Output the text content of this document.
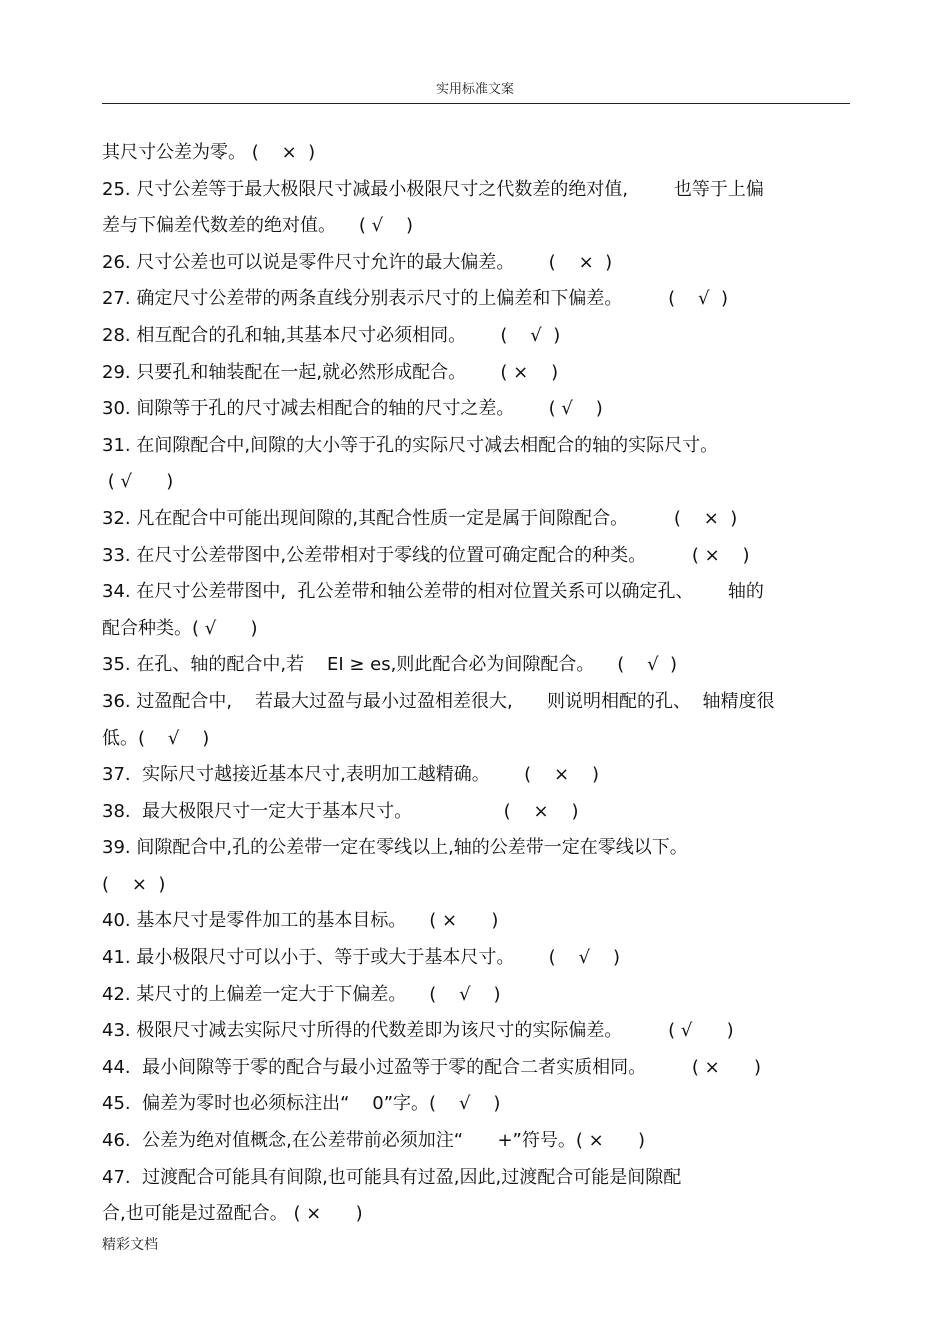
实用标准文案
其尺寸公差为零。 (    ×  )
25. 尺寸公差等于最大极限尺寸减最小极限尺寸之代数差的绝对值,        也等于上偏
差与下偏差代数差的绝对值。    ( √    )
26. 尺寸公差也可以说是零件尺寸允许的最大偏差。      (    ×  )
27. 确定尺寸公差带的两条直线分别表示尺寸的上偏差和下偏差。        (    √  )
28. 相互配合的孔和轴,其基本尺寸必须相同。      (    √  )
29. 只要孔和轴装配在一起,就必然形成配合。      ( ×    )
30. 间隙等于孔的尺寸减去相配合的轴的尺寸之差。      ( √    )
31. 在间隙配合中,间隙的大小等于孔的实际尺寸减去相配合的轴的实际尺寸。
( √      )
32. 凡在配合中可能出现间隙的,其配合性质一定是属于间隙配合。        (    ×  )
33. 在尺寸公差带图中,公差带相对于零线的位置可确定配合的种类。        ( ×    )
34. 在尺寸公差带图中,  孔公差带和轴公差带的相对位置关系可以确定孔、      轴的
配合种类。( √      )
35. 在孔、轴的配合中,若    EI ≥ es,则此配合必为间隙配合。    (    √  )
36. 过盈配合中,    若最大过盈与最小过盈相差很大,      则说明相配的孔、  轴精度很
低。(    √    )
37.  实际尺寸越接近基本尺寸,表明加工越精确。      (    ×    )
38.  最大极限尺寸一定大于基本尺寸。                (    ×    )
39. 间隙配合中,孔的公差带一定在零线以上,轴的公差带一定在零线以下。
(    ×  )
40. 基本尺寸是零件加工的基本目标。    ( ×      )
41. 最小极限尺寸可以小于、等于或大于基本尺寸。      (    √    )
42. 某尺寸的上偏差一定大于下偏差。    (    √    )
43. 极限尺寸减去实际尺寸所得的代数差即为该尺寸的实际偏差。        ( √      )
44.  最小间隙等于零的配合与最小过盈等于零的配合二者实质相同。        ( ×      )
45.  偏差为零时也必须标注出“    0”字。(    √    )
46.  公差为绝对值概念,在公差带前必须加注“      +”符号。( ×      )
47.  过渡配合可能具有间隙,也可能具有过盈,因此,过渡配合可能是间隙配
合,也可能是过盈配合。 ( ×      )
精彩文档
